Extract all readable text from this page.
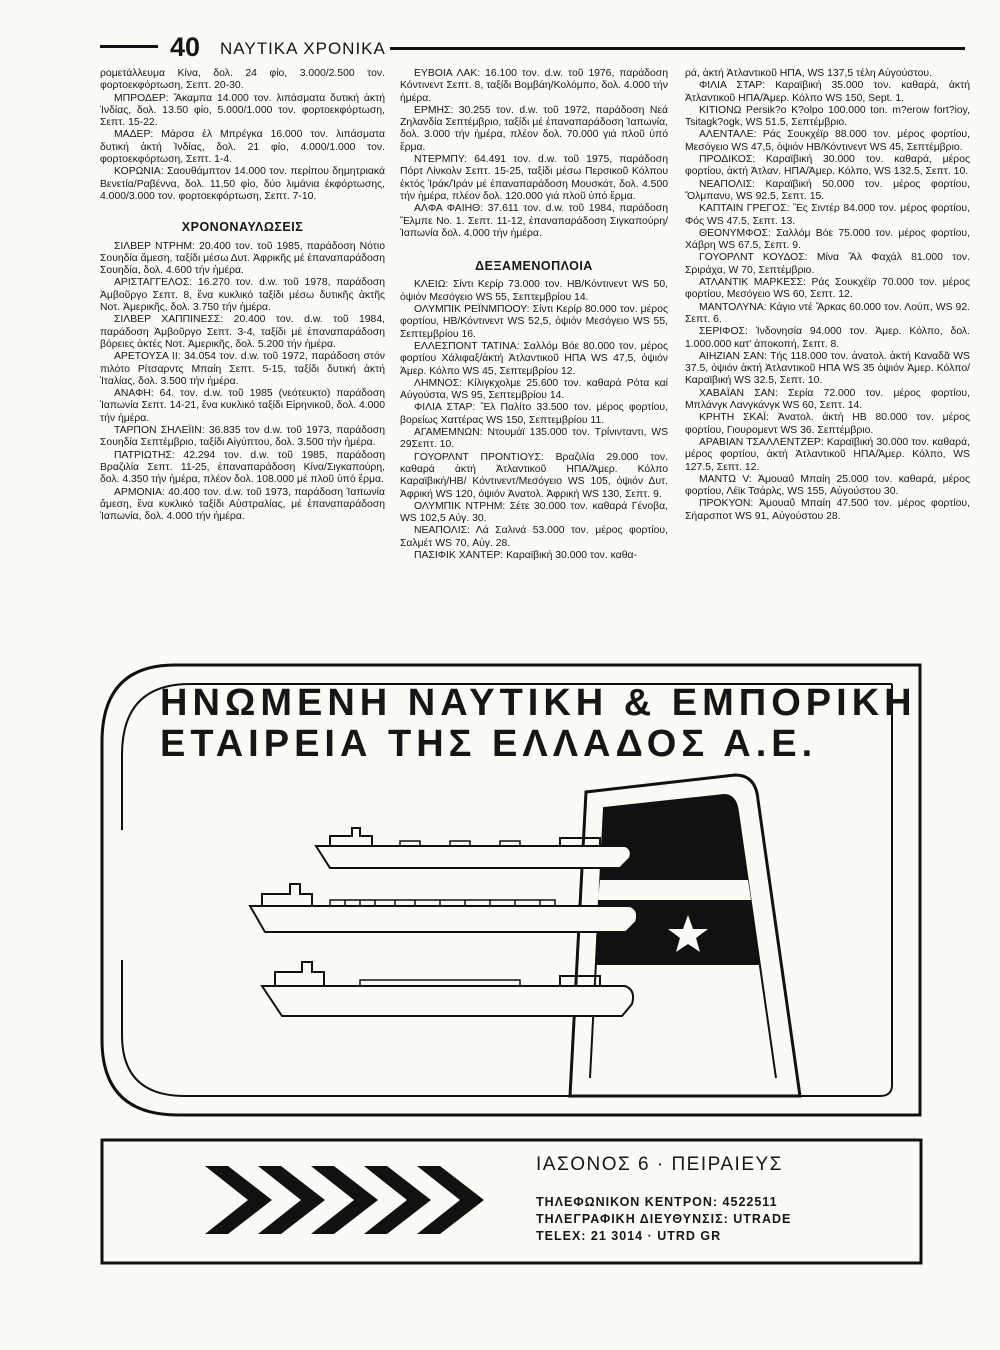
40 ΝΑΥΤΙΚΑ ΧΡΟΝΙΚΑ

ρομετάλλευμα Κίνα, δολ. 24 φίο, 3.000/2.500 τον. φορτοεκφόρτωση, Σεπτ. 20-30.

ΜΠΡΟΔΕΡ: Ἄκαμπα 14.000 τον. λιπάσματα δυτική ἀκτή Ἰνδίας, δολ. 13.50 φίο, 5.000/1.000 τον. φορτοεκφόρτωση, Σεπτ. 15-22.

ΜΑΔΕΡ: Μάρσα ἐλ Μπρέγκα 16.000 τον. λιπάσματα δυτική ἀκτή Ἰνδίας, δολ. 21 φίο, 4.000/1.000 τον. φορτοεκφόρτωση, Σεπτ. 1-4.

ΚΟΡΩΝΙΑ: Σαουθάμπτον 14.000 τον. περίπου δημητριακά Βενετία/Ραβέννα, δολ. 11,50 φίο, δύο λιμάνια ἐκφόρτωσης, 4.000/3.000 τον. φορτοεκφόρτωση, Σεπτ. 7-10.

ΧΡΟΝΟΝΑΥΛΩΣΕΙΣ

ΣΙΛΒΕΡ ΝΤΡΗΜ: 20.400 τον. τοῦ 1985, παράδοση Νότιο Σουηδία ἄμεση, ταξίδι μέσω Δυτ. Ἀφρικῆς μέ ἐπαναπαράδοση Σουηδία, δολ. 4.600 τήν ἡμέρα.

ΑΡΙΣΤΑΓΓΕΛΟΣ: 16.270 τον. d.w. τοῦ 1978, παράδοση Ἀμβοῦργο Σεπτ. 8, ἕνα κυκλικό ταξίδι μέσω δυτικῆς ἀκτῆς Νοτ. Ἀμερικῆς, δολ. 3.750 τήν ἡμέρα.

ΣΙΛΒΕΡ ΧΑΠΠΙΝΕΣΣ: 20.400 τον. d.w. τοῦ 1984, παράδοση Ἀμβοῦργο Σεπτ. 3-4, ταξίδι μέ ἐπαναπαράδοση βόρειες ἀκτές Νοτ. Ἀμερικῆς, δολ. 5.200 τήν ἡμέρα.

ΑΡΕΤΟΥΣΑ ΙΙ: 34.054 τον. d.w. τοῦ 1972, παράδοση στόν πιλότο Ρίτσαρντς Μπαίη Σεπτ. 5-15, ταξίδι δυτική ἀκτή Ἰταλίας, δολ. 3.500 τήν ἡμέρα.

ΑΝΑΦΗ: 64. τον. d.w. τοῦ 1985 (νεότευκτο) παράδοση Ἰαπωνία Σεπτ. 14-21, ἕνα κυκλικό ταξίδι Εἰρηνικοῦ, δολ. 4.000 τήν ἡμέρα.

ΤΑΡΠΟΝ ΣΗΛΕΪΙΝ: 36.835 τον d.w. τοῦ 1973, παράδοση Σουηδία Σεπτέμβριο, ταξίδι Αἰγύπτου, δολ. 3.500 τήν ἡμέρα.

ΠΑΤΡΙΩΤΗΣ: 42.294 τον. d.w. τοῦ 1985, παράδοση Βραζιλία Σεπτ. 11-25, ἐπαναπαράδοση Κίνα/Σιγκαπούρη, δολ. 4.350 τήν ἡμέρα, πλέον δολ. 108.000 μέ πλοῦ ὑπό ἔρμα.

ΑΡΜΟΝΙΑ: 40.400 τον. d.w. τοῦ 1973, παράδοση Ἰαπωνία ἄμεση, ἕνα κυκλικό ταξίδι Αὐστραλίας, μέ ἐπαναπαράδοση Ἰαπωνία, δολ. 4.000 τήν ἡμέρα.

ΕΥΒΟΙΑ ΛΑΚ: 16.100 τον. d.w. τοῦ 1976, παράδοση Κόντινεντ Σεπτ. 8, ταξίδι Βομβάη/Κολόμπο, δολ. 4.000 τήν ἡμέρα.

ΕΡΜΗΣ: 30.255 τον. d.w. τοῦ 1972, παράδοση Νεά Ζηλανδία Σεπτέμβριο, ταξίδι μέ ἐπαναπαράδοση Ἰαπωνία, δολ. 3.000 τήν ἡμέρα, πλέον δολ. 70.000 γιά πλοῦ ὑπό ἔρμα.

ΝΤΕΡΜΠΥ: 64.491 τον. d.w. τοῦ 1975, παράδοση Πόρτ Λίνκολν Σεπτ. 15-25, ταξίδι μέσω Περσικοῦ Κόλπου ἐκτός Ἰράκ/Ἰράν μέ ἐπαναπαράδοση Μουσκάτ, δολ. 4.500 τήν ἡμέρα, πλέον δολ. 120.000 γιά πλοῦ ὑπό ἔρμα.

ΑΛΦΑ ΦΑΙΗΘ: 37.611 τον. d.w. τοῦ 1984, παράδοση Ἔλμπε Νο. 1. Σεπτ. 11-12, ἐπαναπαράδοση Σιγκαπούρη/Ἰαπωνία δολ. 4.000 τήν ἡμέρα.

ΔΕΞΑΜΕΝΟΠΛΟΙΑ

ΚΛΕΙΩ: Σίντι Κερίρ 73.000 τον. HB/Κόντινεντ WS 50, ὀψιόν Μεσόγειο WS 55, Σεπτεμβρίου 14.

ΟΛΥΜΠΙΚ ΡΕΪΝΜΠΟΟΥ: Σίντι Κερίρ 80.000 τον. μέρος φορτίου, HB/Κόντινεντ WS 52,5, ὀψιόν Μεσόγειο WS 55, Σεπτεμβρίου 16.

ΕΛΛΕΣΠΟΝΤ ΤΑΤΙΝΑ: Σαλλόμ Βόε 80.000 τον. μέρος φορτίου Χάλιφαξ/ἀκτή Ἀτλαντικοῦ ΗΠΑ WS 47,5, ὀψιόν Ἀμερ. Κόλπο WS 45, Σεπτεμβρίου 12.

ΛΗΜΝΟΣ: Κίλιγκχολμε 25.600 τον. καθαρά Ρότα καί Αὐγούστα, WS 95, Σεπτεμβρίου 14.

ΦΙΛΙΑ ΣΤΑΡ: Ἔλ Παλίτο 33.500 τον. μέρος φορτίου, βορείως Χαττέρας WS 150, Σεπτεμβρίου 11.

ΑΓΑΜΕΜΝΩΝ: Ντουμάϊ 135.000 τον. Τρίνινταντι, WS 29Σεπτ. 10.

ΓΟΥΟΡΛΝΤ ΠΡΟΝΤΙΟΥΣ: Βραζιλία 29.000 τον. καθαρά ἀκτή Ἀτλαντικοῦ ΗΠΑ/Ἀμερ. Κόλπο Καραϊβική/HB/ Κόντινεντ/Μεσόγειο WS 105, ὀψιόν Δυτ. Ἀφρική WS 120, ὀψιόν Ἀνατολ. Ἀφρική WS 130, Σεπτ. 9.

ΟΛΥΜΠΙΚ ΝΤΡΗΜ: Σέτε 30.000 τον. καθαρά Γένοβα, WS 102,5 Αὐγ. 30.

ΝΕΑΠΟΛΙΣ: Λά Σαλινά 53.000 τον. μέρος φορτίου, Σαλμέτ WS 70, Αὐγ. 28.

ΠΑΣΙΦΙΚ ΧΑΝΤΕΡ: Καραϊβική 30.000 τον. καθα-

ρά, ἀκτή Ἀτλαντικοῦ ΗΠΑ, WS 137,5 τέλη Αὐγούστου.

ΦΙΛΙΑ ΣΤΑΡ: Καραϊβική 35.000 τον. καθαρά, ἀκτή Ἀτλαντικοῦ ΗΠΑ/Ἀμερ. Κόλπο WS 150, Sept. 1.

ΚΙΤΙΟΝΩ Persik?o K?olpo 100.000 ton. m?erow fort?ioy, Tsitagk?ogk, WS 51.5, Σεπτέμβριο.

ΑΛΕΝΤΑΛΕ: Ράς Σουκχέϊρ 88.000 τον. μέρος φορτίου, Μεσόγειο WS 47,5, ὀψιόν HB/Κόντινεντ WS 45, Σεπτέμβριο.

ΠΡΟΔΙΚΟΣ: Καραϊβική 30.000 τον. καθαρά, μέρος φορτίου, ἀκτή Ἀτλαν. ΗΠΑ/Ἀμερ. Κόλπο, WS 132.5, Σεπτ. 10.

ΝΕΑΠΟΛΙΣ: Καραϊβική 50.000 τον. μέρος φορτίου, Ὄλμπανυ, WS 92.5, Σεπτ. 15.

ΚΑΠΤΑΙΝ ΓΡΕΓΟΣ: Ἔς Σιντέρ 84.000 τον. μέρος φορτίου, Φός WS 47.5, Σεπτ. 13.

ΘΕΟΝΥΜΦΟΣ: Σαλλόμ Βόε 75.000 τον. μέρος φορτίου, Χάβρη WS 67.5, Σεπτ. 9.

ΓΟΥΟΡΛΝΤ ΚΟΥΔΟΣ: Μίνα Ἄλ Φαχάλ 81.000 τον. Σριράχα, W 70, Σεπτέμβριο.

ΑΤΛΑΝΤΙΚ ΜΑΡΚΕΣΣ: Ράς Σουκχέϊρ 70.000 τον. μέρος φορτίου, Μεσόγειο WS 60, Σεπτ. 12.

ΜΑΝΤΟΛΥΝΑ: Κάγιο ντέ Ἄρκας 60.000 τον. Λούπ, WS 92. Σεπτ. 6.

ΣΕΡΙΦΟΣ: Ἰνδονησία 94.000 τον. Ἀμερ. Κόλπο, δολ. 1.000.000 κατ' ἀποκοπή, Σεπτ. 8.

ΑΙΗΖΙΑΝ ΣΑΝ: Τής 118.000 τον. ἀνατολ. ἀκτή Καναδᾶ WS 37.5, ὀψιόν ἀκτή Ἀτλαντικοῦ ΗΠΑ WS 35 ὀψιόν Ἀμερ. Κόλπο/Καραϊβική WS 32.5, Σεπτ. 10.

ΧΑΒΑΪΑΝ ΣΑΝ: Σερία 72.000 τον. μέρος φορτίου, Μπλάνγκ Λανγκάνγκ WS 60, Σεπτ. 14.

ΚΡΗΤΗ ΣΚΑΪ: Ἀνατολ. ἀκτή HB 80.000 τον. μέρος φορτίου, Γιουρομεντ WS 36. Σεπτέμβριο.

ΑΡΑΒΙΑΝ ΤΣΑΛΛΕΝΤΖΕΡ: Καραϊβική 30.000 τον. καθαρά, μέρος φορτίου, ἀκτή Ἀτλαντικοῦ ΗΠΑ/Ἀμερ. Κόλπο, WS 127.5, Σεπτ. 12.

ΜΑΝΤΩ V: Ἀμουαΰ Μπαίη 25.000 τον. καθαρά, μέρος φορτίου, Λέϊκ Τσάρλς, WS 155, Αὐγούστου 30.

ΠΡΟΚΥΟΝ: Ἀμουαΰ Μπαίη 47.500 τον. μέρος φορτίου, Σήαρσποτ WS 91, Αὐγούστου 28.

ΗΝΩΜΕΝΗ ΝΑΥΤΙΚΗ & ΕΜΠΟΡΙΚΗ
ΕΤΑΙΡΕΙΑ ΤΗΣ ΕΛΛΑΔΟΣ Α.Ε.
ΙΑΣΟΝΟΣ 6 · ΠΕΙΡΑΙΕΥΣ
ΤΗΛΕΦΩΝΙΚΟΝ ΚΕΝΤΡΟΝ: 4522511
ΤΗΛΕΓΡΑΦΙΚΗ ΔΙΕΥΘΥΝΣΙΣ: UTRADE
TELEX: 21 3014 · UTRD GR
